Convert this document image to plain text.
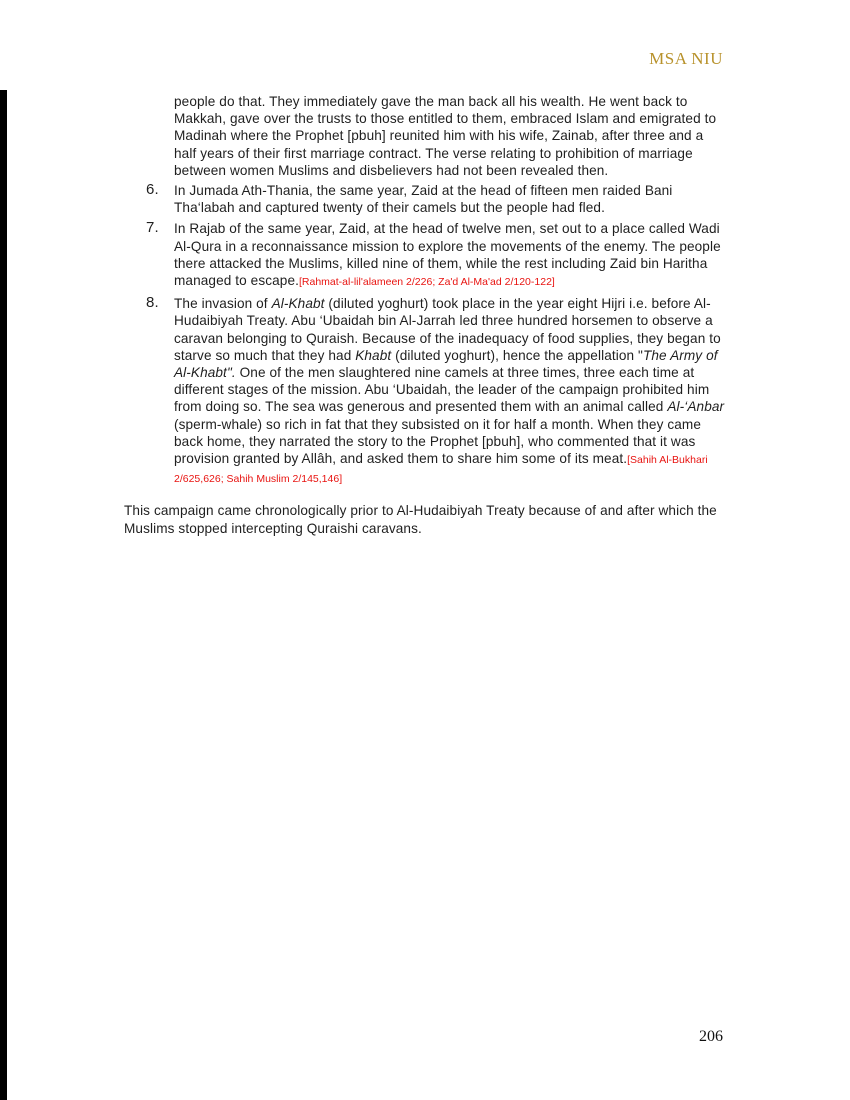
MSA NIU

people do that. They immediately gave the man back all his wealth. He went back to Makkah, gave over the trusts to those entitled to them, embraced Islam and emigrated to Madinah where the Prophet [pbuh] reunited him with his wife, Zainab, after three and a half years of their first marriage contract. The verse relating to prohibition of marriage between women Muslims and disbelievers had not been revealed then.

6. In Jumada Ath-Thania, the same year, Zaid at the head of fifteen men raided Bani Tha‘labah and captured twenty of their camels but the people had fled.
7. In Rajab of the same year, Zaid, at the head of twelve men, set out to a place called Wadi Al-Qura in a reconnaissance mission to explore the movements of the enemy. The people there attacked the Muslims, killed nine of them, while the rest including Zaid bin Haritha managed to escape.[Rahmat-al-lil'alameen 2/226; Za'd Al-Ma'ad 2/120-122]
8. The invasion of Al-Khabt (diluted yoghurt) took place in the year eight Hijri i.e. before Al-Hudaibiyah Treaty. Abu ‘Ubaidah bin Al-Jarrah led three hundred horsemen to observe a caravan belonging to Quraish. Because of the inadequacy of food supplies, they began to starve so much that they had Khabt (diluted yoghurt), hence the appellation "The Army of Al-Khabt". One of the men slaughtered nine camels at three times, three each time at different stages of the mission. Abu ‘Ubaidah, the leader of the campaign prohibited him from doing so. The sea was generous and presented them with an animal called Al-‘Anbar (sperm-whale) so rich in fat that they subsisted on it for half a month. When they came back home, they narrated the story to the Prophet [pbuh], who commented that it was provision granted by Allâh, and asked them to share him some of its meat.[Sahih Al-Bukhari 2/625,626; Sahih Muslim 2/145,146]

This campaign came chronologically prior to Al-Hudaibiyah Treaty because of and after which the Muslims stopped intercepting Quraishi caravans.

206
